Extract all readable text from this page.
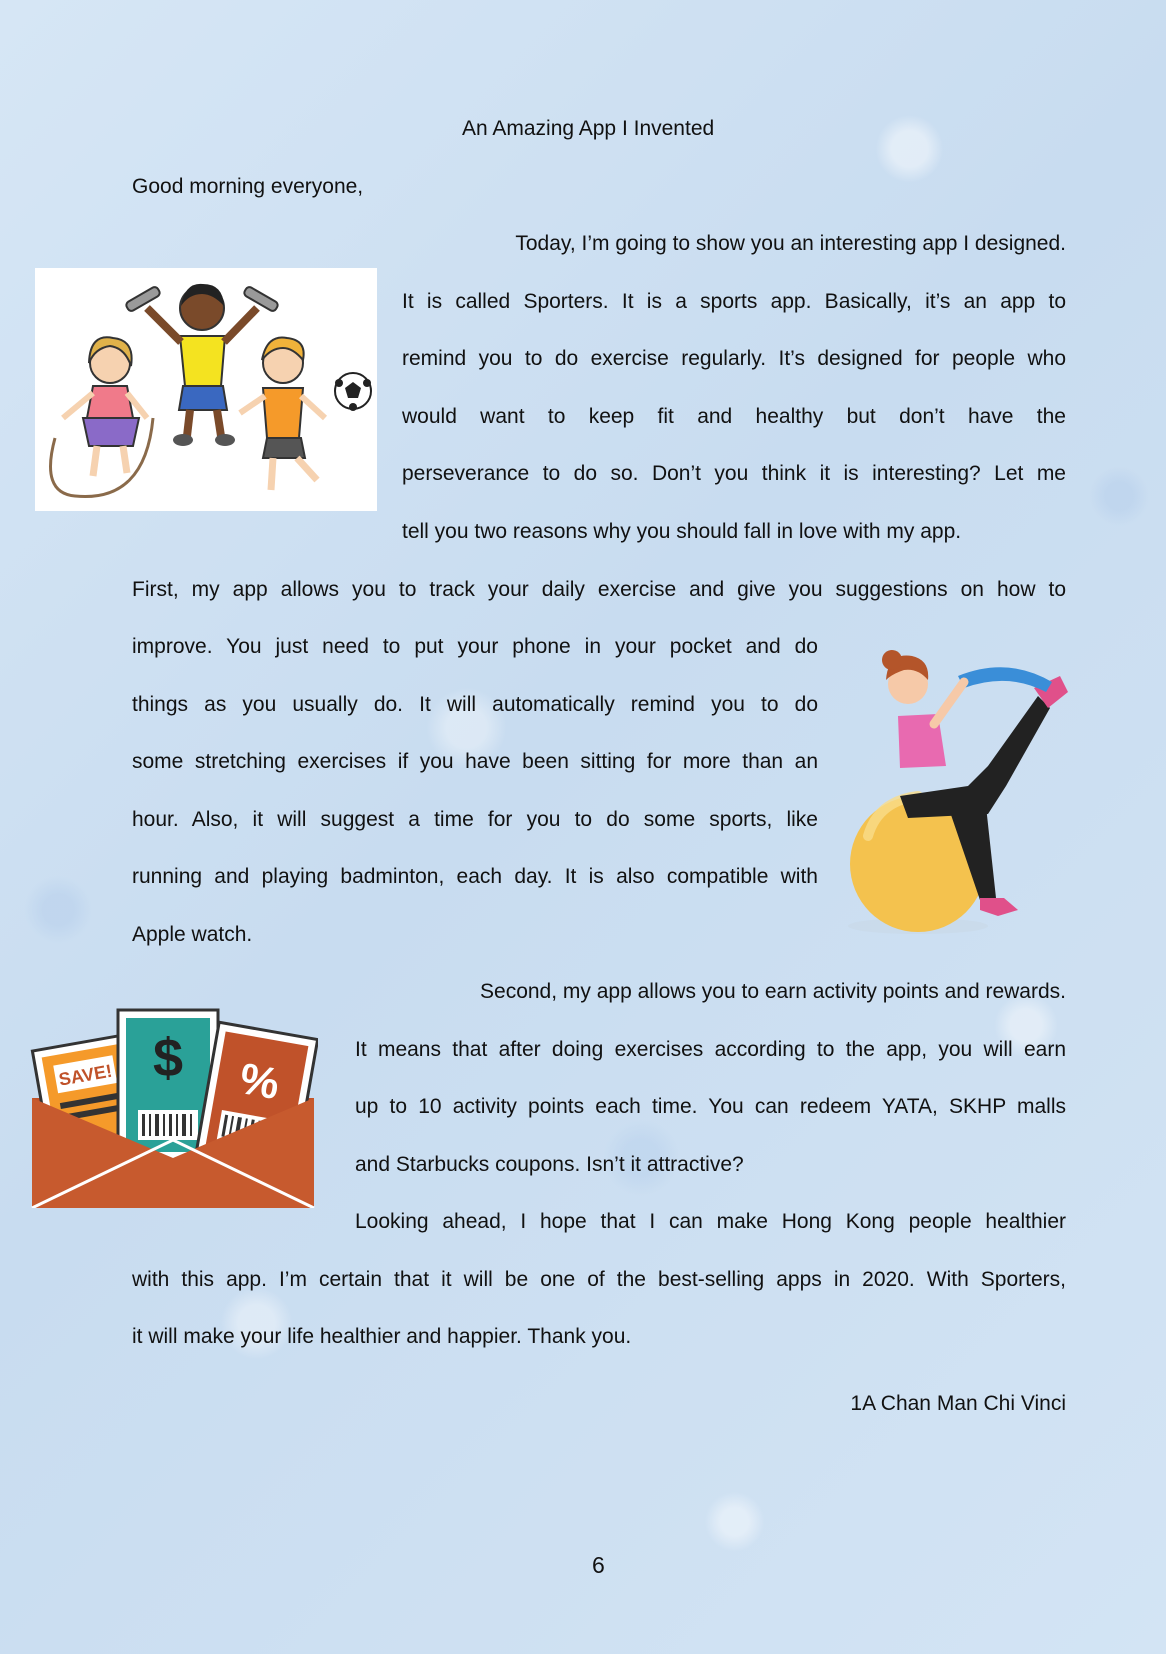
An Amazing App I Invented

Good morning everyone,

Today, I’m going to show you an interesting app I designed.

It is called Sporters. It is a sports app. Basically, it’s an app to

remind you to do exercise regularly. It’s designed for people who

would want to keep fit and healthy but don’t have the

perseverance to do so. Don’t you think it is interesting? Let me

tell you two reasons why you should fall in love with my app.

First, my app allows you to track your daily exercise and give you suggestions on how to

improve. You just need to put your phone in your pocket and do

things as you usually do. It will automatically remind you to do

some stretching exercises if you have been sitting for more than an

hour. Also, it will suggest a time for you to do some sports, like

running and playing badminton, each day. It is also compatible with

Apple watch.

Second, my app allows you to earn activity points and rewards.

It means that after doing exercises according to the app, you will earn

up to 10 activity points each time. You can redeem YATA, SKHP malls

and Starbucks coupons. Isn’t it attractive?

Looking ahead, I hope that I can make Hong Kong people healthier

with this app. I’m certain that it will be one of the best-selling apps in 2020. With Sporters,

it will make your life healthier and happier. Thank you.

1A Chan Man Chi Vinci

6

SAVE! $ %
